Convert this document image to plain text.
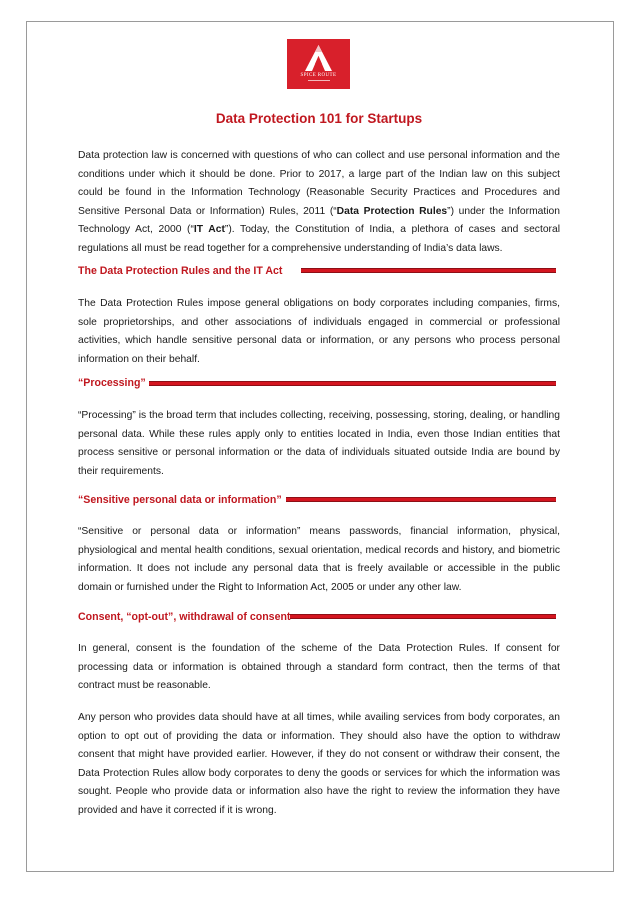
SPICE ROUTE
Data Protection 101 for Startups

Data protection law is concerned with questions of who can collect and use personal information and the conditions under which it should be done. Prior to 2017, a large part of the Indian law on this subject could be found in the Information Technology (Reasonable Security Practices and Procedures and Sensitive Personal Data or Information) Rules, 2011 (“Data Protection Rules”) under the Information Technology Act, 2000 (“IT Act”). Today, the Constitution of India, a plethora of cases and sectoral regulations all must be read together for a comprehensive understanding of India’s data laws.

The Data Protection Rules and the IT Act

The Data Protection Rules impose general obligations on body corporates including companies, firms, sole proprietorships, and other associations of individuals engaged in commercial or professional activities, which handle sensitive personal data or information, or any persons who process personal information on their behalf.

“Processing”

“Processing” is the broad term that includes collecting, receiving, possessing, storing, dealing, or handling personal data. While these rules apply only to entities located in India, even those Indian entities that process sensitive or personal information or the data of individuals situated outside India are bound by their requirements.

“Sensitive personal data or information”

“Sensitive or personal data or information” means passwords, financial information, physical, physiological and mental health conditions, sexual orientation, medical records and history, and biometric information. It does not include any personal data that is freely available or accessible in the public domain or furnished under the Right to Information Act, 2005 or under any other law.

Consent, “opt-out”, withdrawal of consent

In general, consent is the foundation of the scheme of the Data Protection Rules. If consent for processing data or information is obtained through a standard form contract, then the terms of that contract must be reasonable.

Any person who provides data should have at all times, while availing services from body corporates, an option to opt out of providing the data or information. They should also have the option to withdraw consent that might have provided earlier. However, if they do not consent or withdraw their consent, the Data Protection Rules allow body corporates to deny the goods or services for which the information was sought. People who provide data or information also have the right to review the information they have provided and have it corrected if it is wrong.
